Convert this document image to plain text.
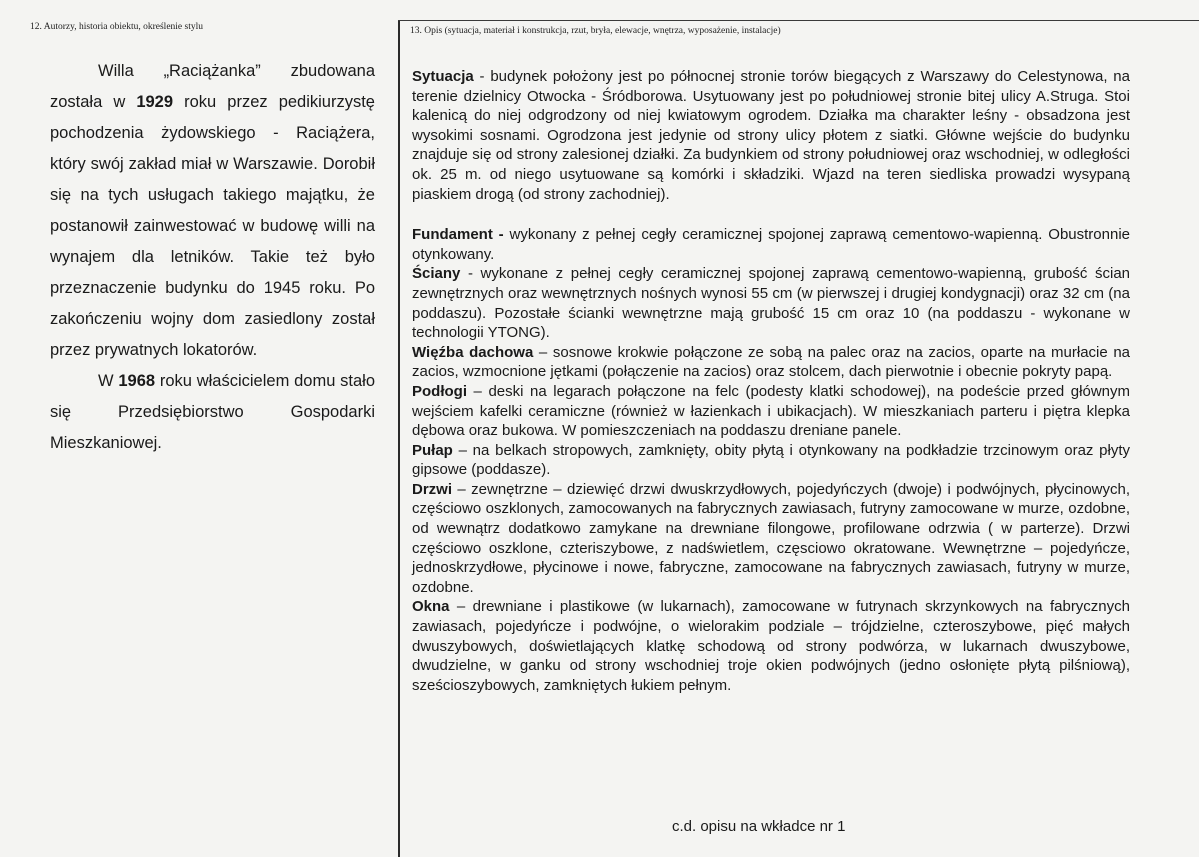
12. Autorzy, historia obiektu, określenie stylu	13. Opis (sytuacja, materiał i konstrukcja, rzut, bryła, elewacje, wnętrza, wyposażenie, instalacje)

Willa „Raciążanka” zbudowana została w 1929 roku przez pedikiurzystę pochodzenia żydowskiego - Raciążera, który swój zakład miał w Warszawie. Dorobił się na tych usługach takiego majątku, że postanowił zainwestować w budowę willi na wynajem dla letników. Takie też było przeznaczenie budynku do 1945 roku. Po zakończeniu wojny dom zasiedlony został przez prywatnych lokatorów.

W 1968 roku właścicielem domu stało się Przedsiębiorstwo Gospodarki Mieszkaniowej.

Sytuacja - budynek położony jest po północnej stronie torów biegących z Warszawy do Celestynowa, na terenie dzielnicy Otwocka - Śródborowa. Usytuowany jest po południowej stronie bitej ulicy A.Struga. Stoi kalenicą do niej odgrodzony od niej kwiatowym ogrodem. Działka ma charakter leśny - obsadzona jest wysokimi sosnami. Ogrodzona jest jedynie od strony ulicy płotem z siatki. Główne wejście do budynku znajduje się od strony zalesionej działki. Za budynkiem od strony południowej oraz wschodniej, w odległości ok. 25 m. od niego usytuowane są komórki i składziki. Wjazd na teren siedliska prowadzi wysypaną piaskiem drogą (od strony zachodniej).

Fundament - wykonany z pełnej cegły ceramicznej spojonej zaprawą cementowo-wapienną. Obustronnie otynkowany.

Ściany - wykonane z pełnej cegły ceramicznej spojonej zaprawą cementowo-wapienną, grubość ścian zewnętrznych oraz wewnętrznych nośnych wynosi 55 cm (w pierwszej i drugiej kondygnacji) oraz 32 cm (na poddaszu). Pozostałe ścianki wewnętrzne mają grubość 15 cm oraz 10 (na poddaszu - wykonane w technologii YTONG).

Więźba dachowa – sosnowe krokwie połączone ze sobą na palec oraz na zacios, oparte na murłacie na zacios, wzmocnione jętkami (połączenie na zacios) oraz stolcem, dach pierwotnie i obecnie pokryty papą.

Podłogi – deski na legarach połączone na felc (podesty klatki schodowej), na podeście przed głównym wejściem kafelki ceramiczne (również w łazienkach i ubikacjach). W mieszkaniach parteru i piętra klepka dębowa oraz bukowa. W pomieszczeniach na poddaszu dreniane panele.

Pułap – na belkach stropowych, zamknięty, obity płytą i otynkowany na podkładzie trzcinowym oraz płyty gipsowe (poddasze).

Drzwi – zewnętrzne – dziewięć drzwi dwuskrzydłowych, pojedyńczych (dwoje) i podwójnych, płycinowych, częściowo oszklonych, zamocowanych na fabrycznych zawiasach, futryny zamocowane w murze, ozdobne, od wewnątrz dodatkowo zamykane na drewniane filongowe, profilowane odrzwia ( w parterze). Drzwi częściowo oszklone, czteriszybowe, z nadświetlem, częsciowo okratowane. Wewnętrzne – pojedyńcze, jednoskrzydłowe, płycinowe i nowe, fabryczne, zamocowane na fabrycznych zawiasach, futryny w murze, ozdobne.

Okna – drewniane i plastikowe (w lukarnach), zamocowane w futrynach skrzynkowych na fabrycznych zawiasach, pojedyńcze i podwójne, o wielorakim podziale – trójdzielne, czteroszybowe, pięć małych dwuszybowych, doświetlających klatkę schodową od strony podwórza, w lukarnach dwuszybowe, dwudzielne, w ganku od strony wschodniej troje okien podwójnych (jedno osłonięte płytą pilśniową), sześcioszybowych, zamkniętych łukiem pełnym.

c.d. opisu na wkładce nr 1
